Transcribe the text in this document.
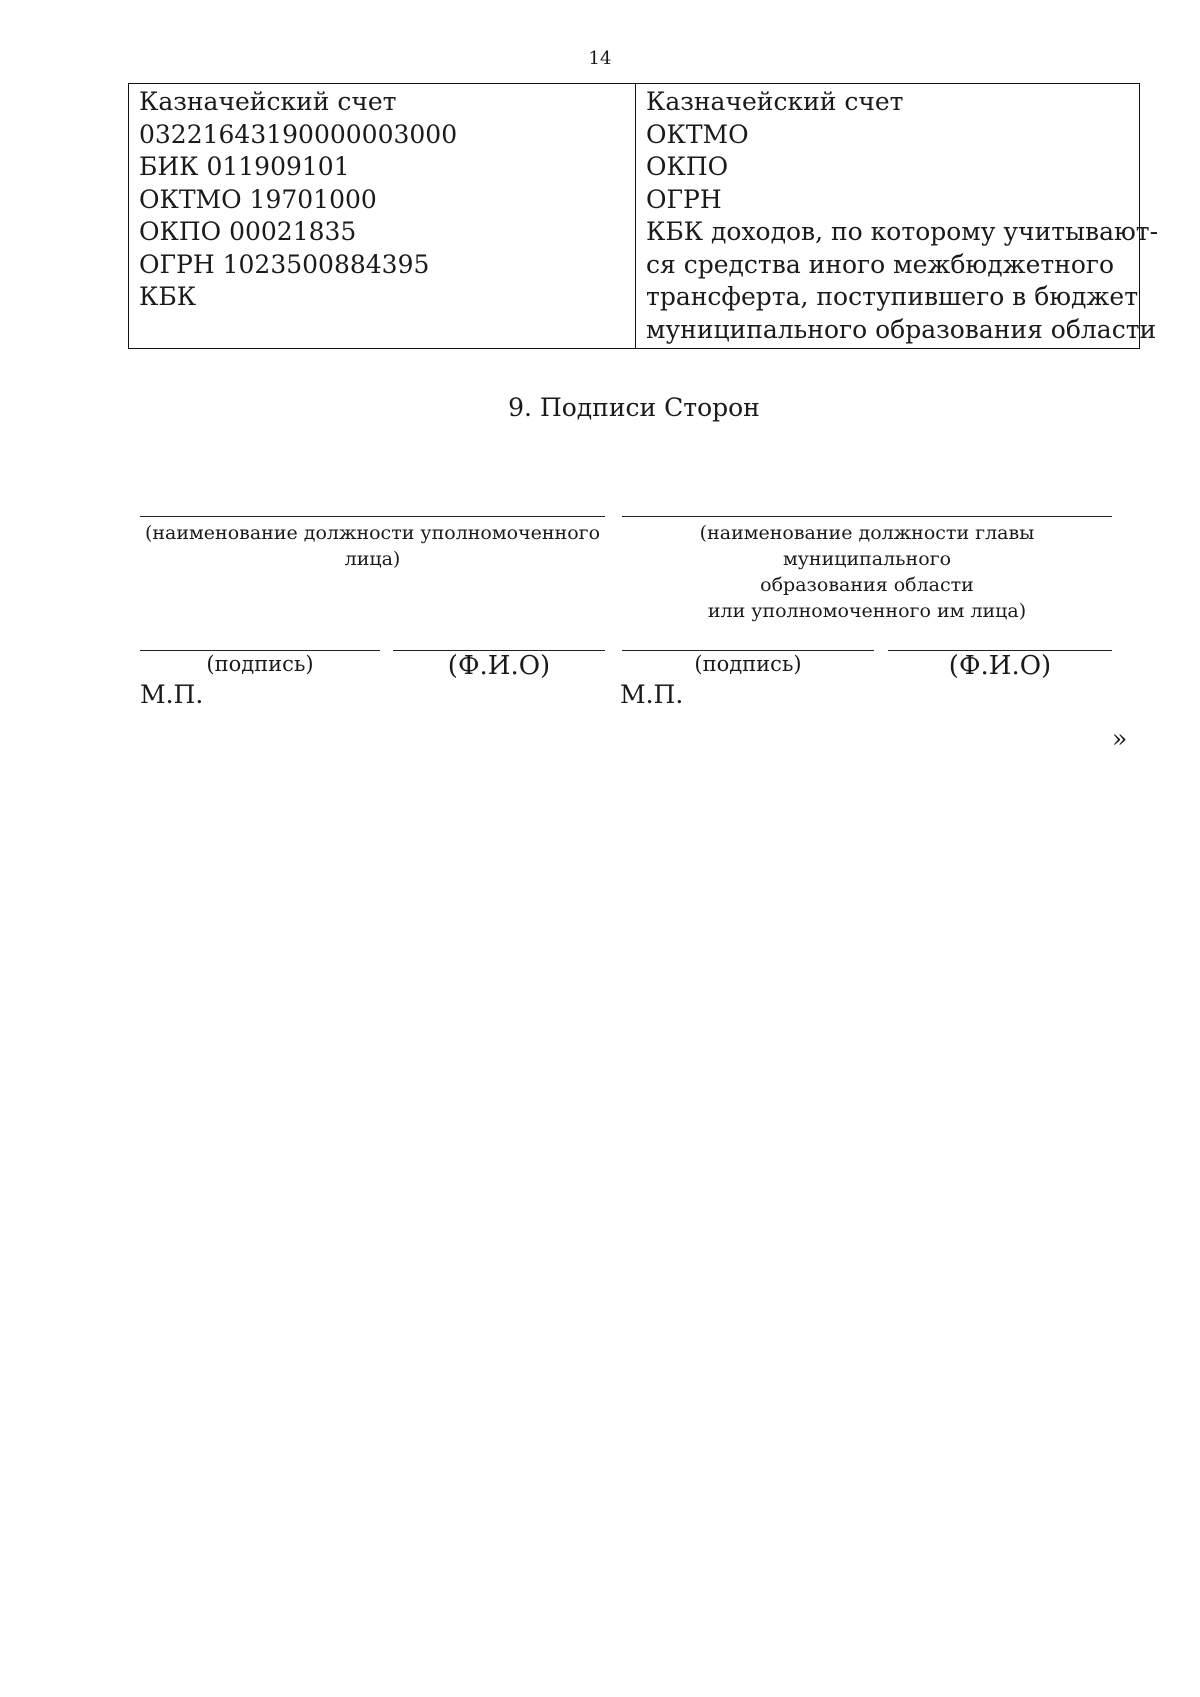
14
Казначейский счет
03221643190000003000
БИК 011909101
ОКТМО 19701000
ОКПО 00021835
ОГРН 1023500884395
КБК

Казначейский счет
ОКТМО
ОКПО
ОГРН
КБК доходов, по которому учитывают-
ся средства иного межбюджетного
трансферта, поступившего в бюджет
муниципального образования области
9. Подписи Сторон
(наименование должности уполномоченного
лица)
(наименование должности главы муниципального
образования области
или уполномоченного им лица)
(подпись)	(Ф.И.О)	(подпись)	(Ф.И.О)
М.П.	М.П.
»
